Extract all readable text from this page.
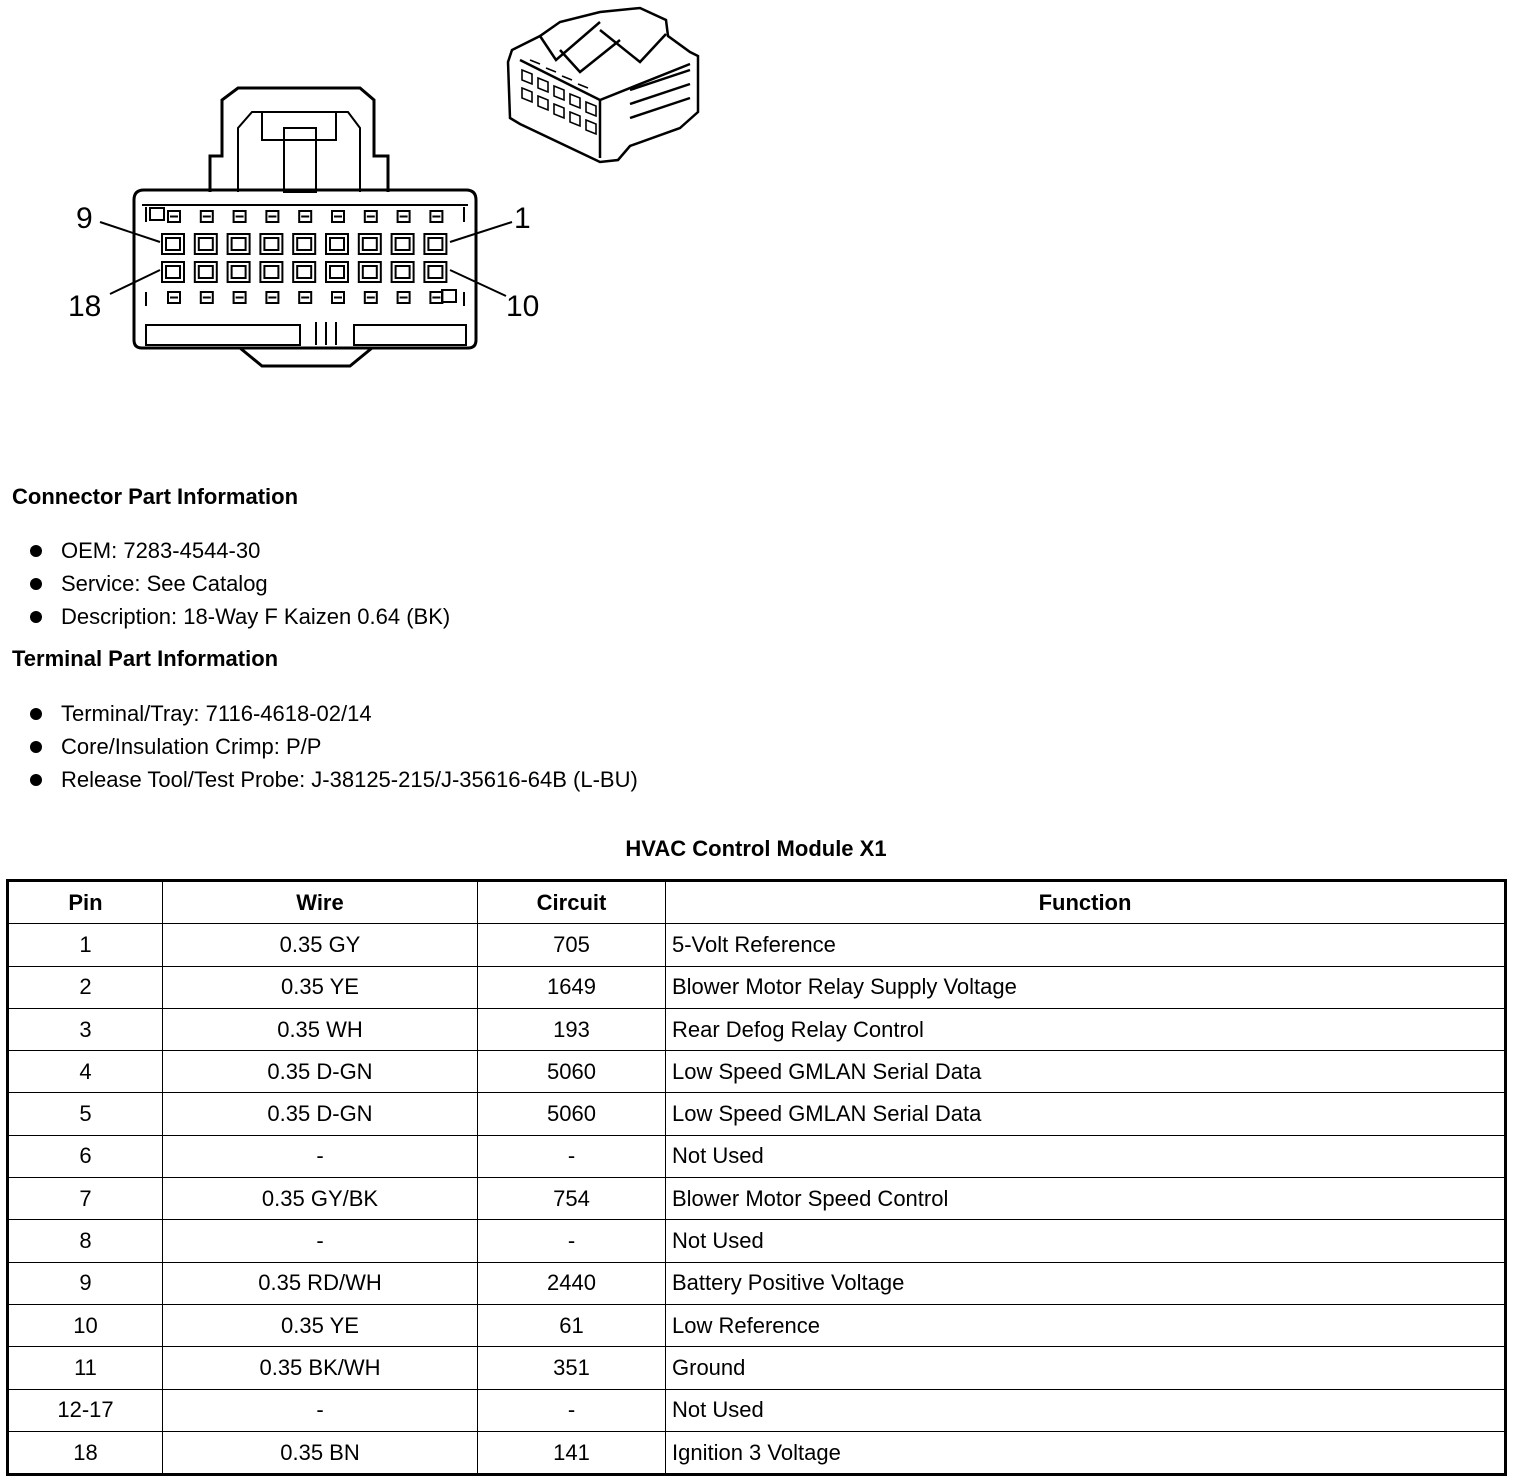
9	1
18	10
Connector Part Information
OEM: 7283-4544-30
Service: See Catalog
Description: 18-Way F Kaizen 0.64 (BK)
Terminal Part Information
Terminal/Tray: 7116-4618-02/14
Core/Insulation Crimp: P/P
Release Tool/Test Probe: J-38125-215/J-35616-64B (L-BU)
HVAC Control Module X1
Pin	Wire	Circuit	Function
1	0.35 GY	705	5-Volt Reference
2	0.35 YE	1649	Blower Motor Relay Supply Voltage
3	0.35 WH	193	Rear Defog Relay Control
4	0.35 D-GN	5060	Low Speed GMLAN Serial Data
5	0.35 D-GN	5060	Low Speed GMLAN Serial Data
6	-	-	Not Used
7	0.35 GY/BK	754	Blower Motor Speed Control
8	-	-	Not Used
9	0.35 RD/WH	2440	Battery Positive Voltage
10	0.35 YE	61	Low Reference
11	0.35 BK/WH	351	Ground
12-17	-	-	Not Used
18	0.35 BN	141	Ignition 3 Voltage
